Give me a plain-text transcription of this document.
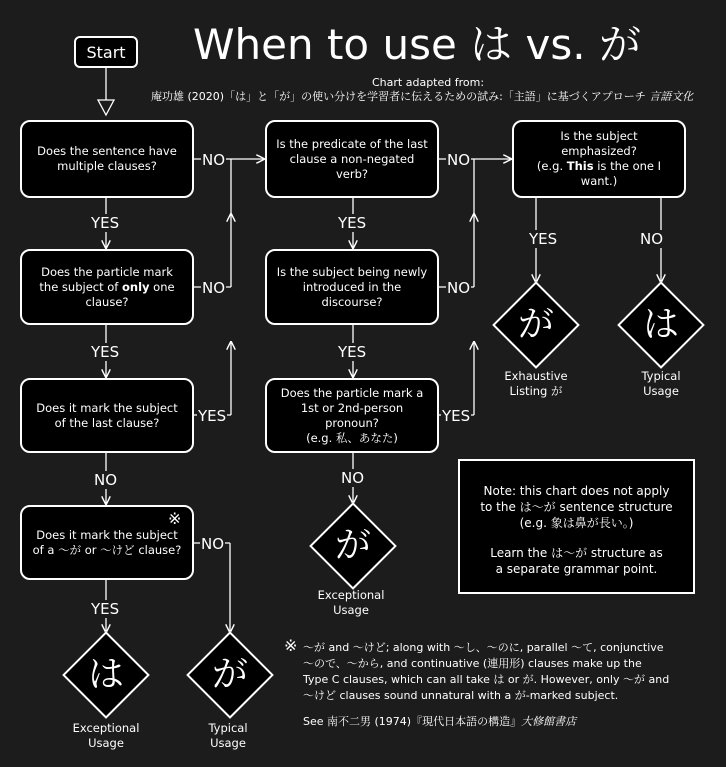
When to use は vs. が
Chart adapted from:
庵功雄 (2020)「は」と「が」の使い分けを学習者に伝えるための試み:「主語」に基づくアプローチ 言語文化
Start
Does the sentence have multiple clauses?
Does the particle mark the subject of only one clause?
Does it mark the subject of the last clause?
Does it mark the subject of a 〜が or 〜けど clause?
※
Is the predicate of the last clause a non-negated verb?
Is the subject being newly introduced in the discourse?
Does the particle mark a
1st or 2nd-person pronoun?
(e.g. 私、あなた)
Is the subject emphasized?
(e.g. This is the one I want.)
NO
NO
YES
NO
YES
YES
NO
YES
NO
NO
YES
YES
YES
NO
YES	NO
が
Exhaustive
Listing が
は
Typical
Usage
が
Exceptional
Usage
は
Exceptional
Usage
が
Typical
Usage
Note: this chart does not apply
to the は〜が sentence structure
(e.g. 象は鼻が長い。)
Learn the は〜が structure as
a separate grammar point.
※ 〜が and 〜けど; along with 〜し、〜のに, parallel 〜て, conjunctive
〜ので、〜から, and continuative (連用形) clauses make up the
Type C clauses, which can all take は or が. However, only 〜が and
〜けど clauses sound unnatural with a が-marked subject.
See 南不二男 (1974)『現代日本語の構造』大修館書店
